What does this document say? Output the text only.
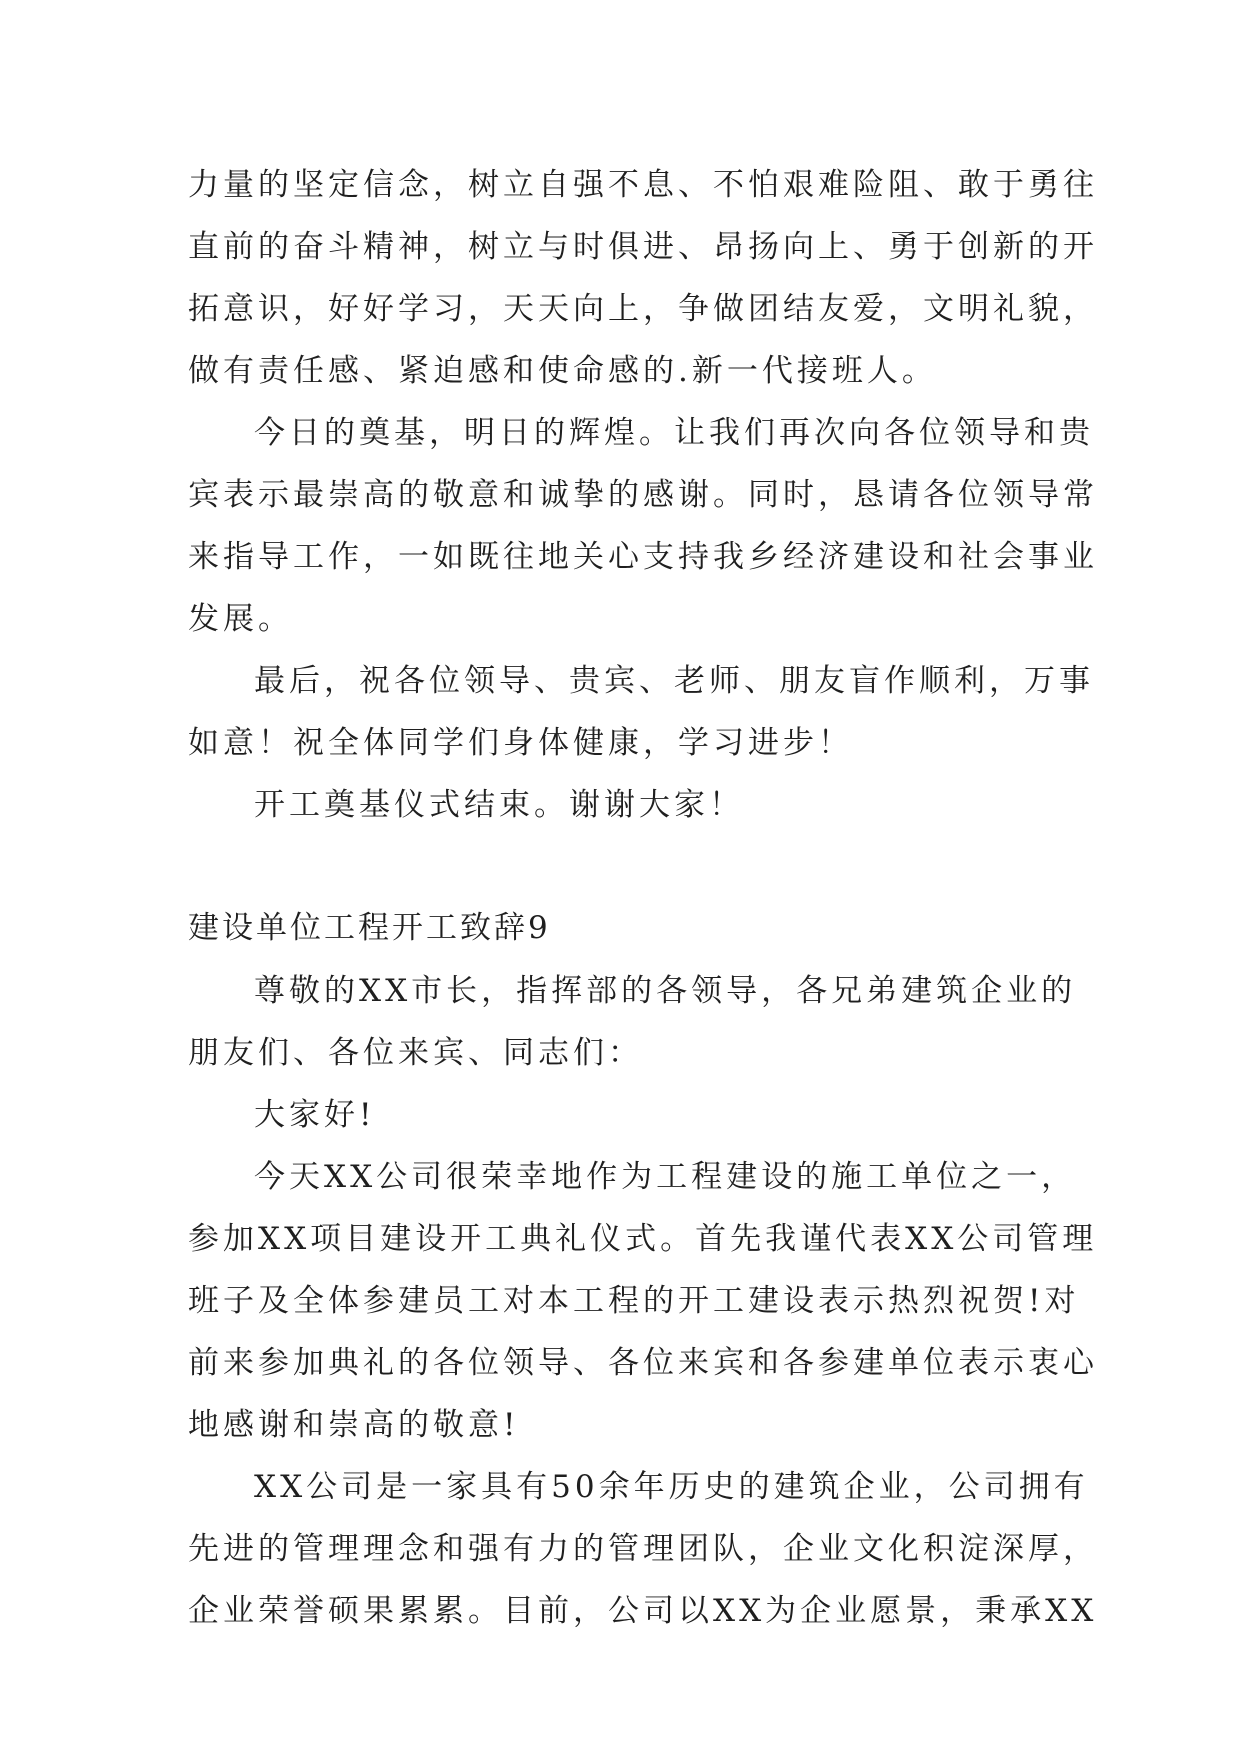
力量的坚定信念，树立自强不息、不怕艰难险阻、敢于勇往
直前的奋斗精神，树立与时俱进、昂扬向上、勇于创新的开
拓意识，好好学习，天天向上，争做团结友爱，文明礼貌，
做有责任感、紧迫感和使命感的.新一代接班人。
今日的奠基，明日的辉煌。让我们再次向各位领导和贵
宾表示最崇高的敬意和诚挚的感谢。同时，恳请各位领导常
来指导工作，一如既往地关心支持我乡经济建设和社会事业
发展。
最后，祝各位领导、贵宾、老师、朋友盲作顺利，万事
如意！祝全体同学们身体健康，学习进步！
开工奠基仪式结束。谢谢大家！
建设单位工程开工致辞9
尊敬的XX市长，指挥部的各领导，各兄弟建筑企业的
朋友们、各位来宾、同志们：
大家好!
今天XX公司很荣幸地作为工程建设的施工单位之一，
参加XX项目建设开工典礼仪式。首先我谨代表XX公司管理
班子及全体参建员工对本工程的开工建设表示热烈祝贺!对
前来参加典礼的各位领导、各位来宾和各参建单位表示衷心
地感谢和崇高的敬意!
XX公司是一家具有50余年历史的建筑企业，公司拥有
先进的管理理念和强有力的管理团队，企业文化积淀深厚，
企业荣誉硕果累累。目前，公司以XX为企业愿景，秉承XX
